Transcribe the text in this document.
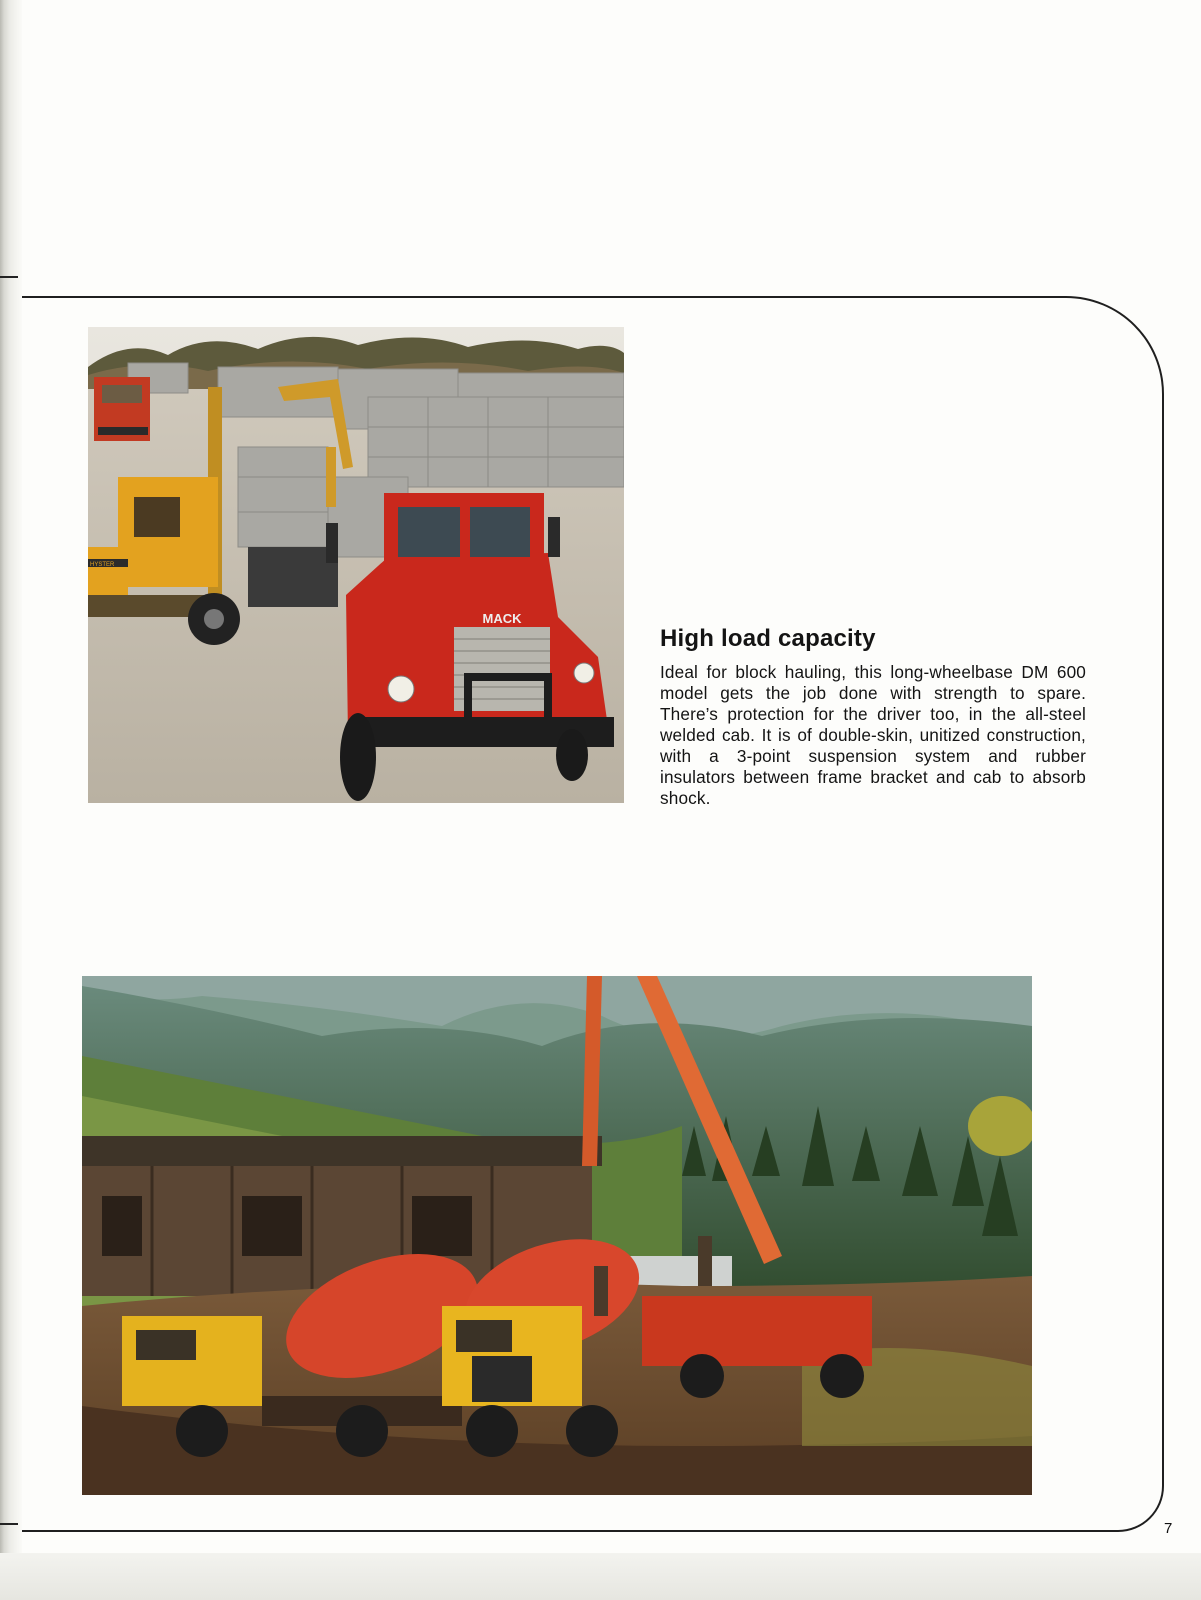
HYSTER
MACK
High load capacity

Ideal for block hauling, this long-wheelbase DM 600 model gets the job done with strength to spare. There’s protection for the driver too, in the all-steel welded cab. It is of double-skin, unitized construction, with a 3-point suspension system and rubber insulators between frame bracket and cab to absorb shock.

7
